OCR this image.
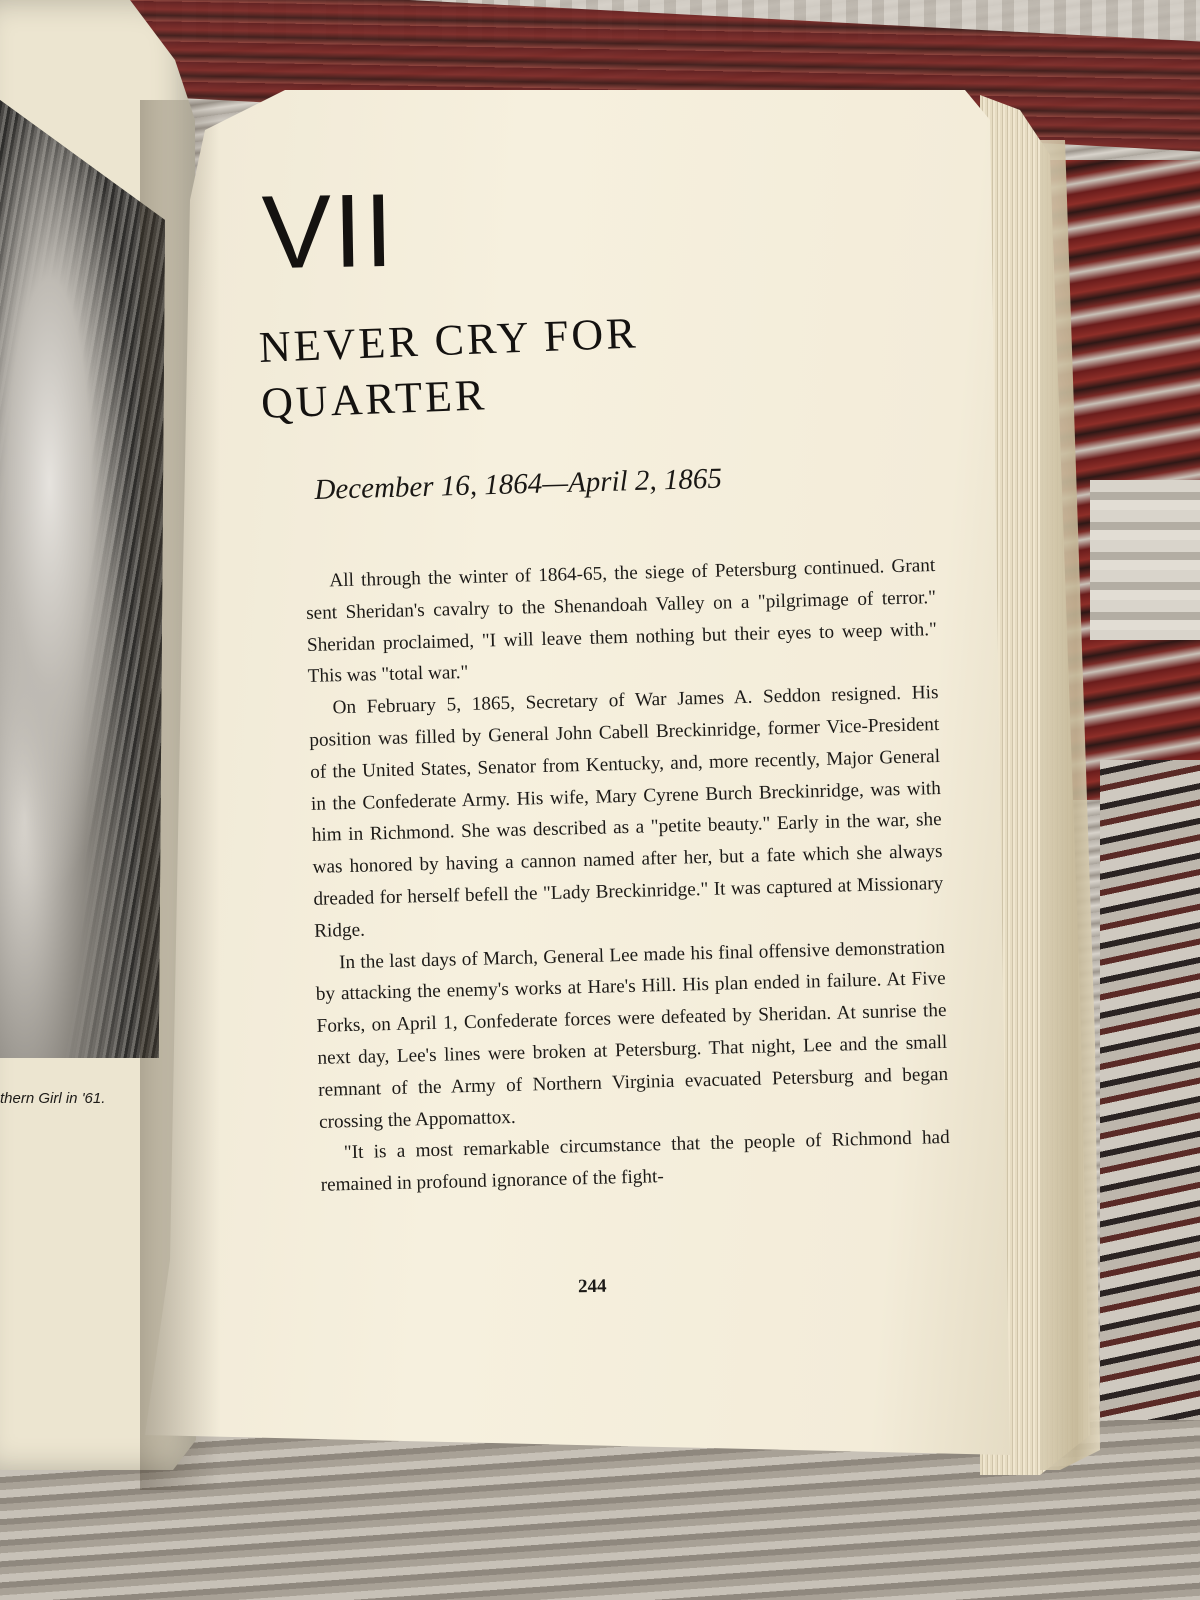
thern Girl in '61.
VII
NEVER CRY FOR
QUARTER
December 16, 1864—April 2, 1865

All through the winter of 1864-65, the siege of Petersburg continued. Grant sent Sheridan's cavalry to the Shenandoah Valley on a "pilgrimage of terror." Sheridan proclaimed, "I will leave them nothing but their eyes to weep with." This was "total war."

On February 5, 1865, Secretary of War James A. Seddon resigned. His position was filled by General John Cabell Breckinridge, former Vice-President of the United States, Senator from Kentucky, and, more recently, Major General in the Confederate Army. His wife, Mary Cyrene Burch Breckinridge, was with him in Richmond. She was described as a "petite beauty." Early in the war, she was honored by having a cannon named after her, but a fate which she always dreaded for herself befell the "Lady Breckinridge." It was captured at Missionary Ridge.

In the last days of March, General Lee made his final offensive demonstration by attacking the enemy's works at Hare's Hill. His plan ended in failure. At Five Forks, on April 1, Confederate forces were defeated by Sheridan. At sunrise the next day, Lee's lines were broken at Petersburg. That night, Lee and the small remnant of the Army of Northern Virginia evacuated Petersburg and began crossing the Appomattox.

"It is a most remarkable circumstance that the people of Richmond had remained in profound ignorance of the fight-

244
